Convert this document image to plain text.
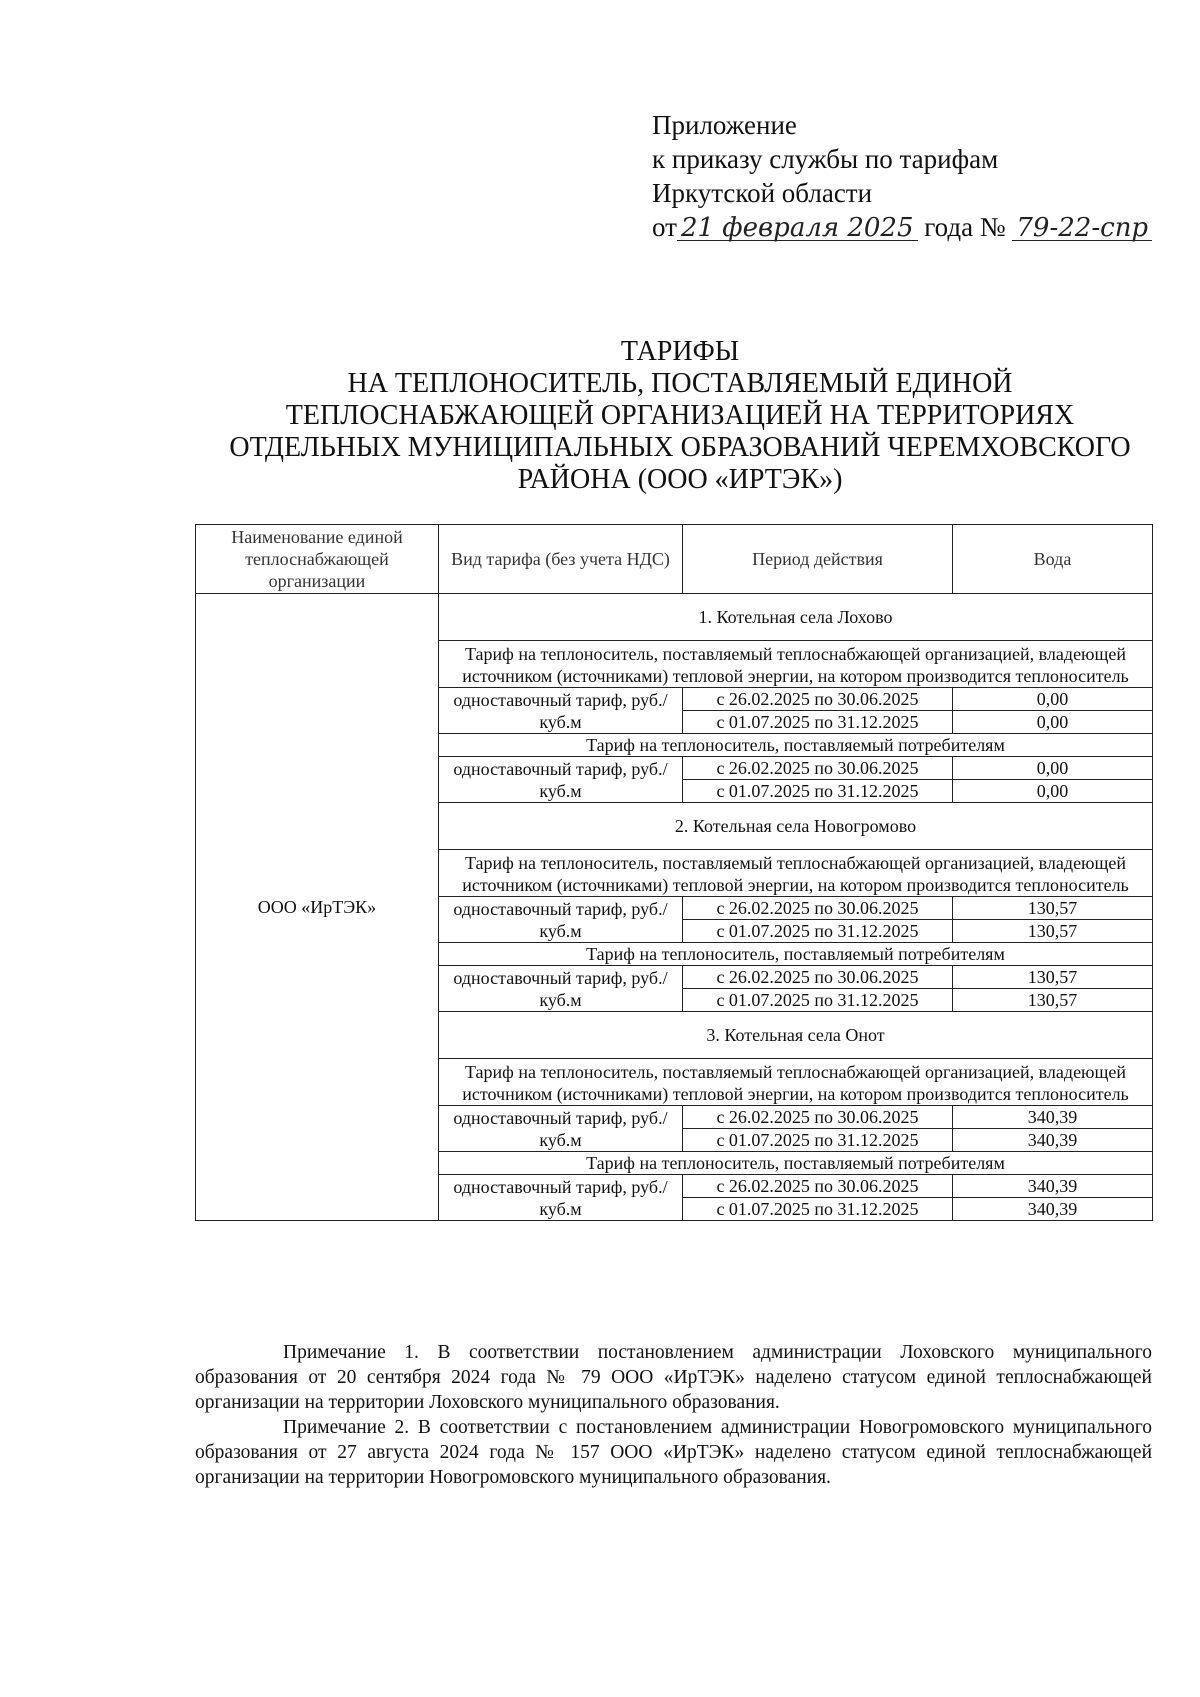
Приложение
к приказу службы по тарифам
Иркутской области
от 21 февраля 2025 года № 79-22-спр
ТАРИФЫ
НА ТЕПЛОНОСИТЕЛЬ, ПОСТАВЛЯЕМЫЙ ЕДИНОЙ
ТЕПЛОСНАБЖАЮЩЕЙ ОРГАНИЗАЦИЕЙ НА ТЕРРИТОРИЯХ
ОТДЕЛЬНЫХ МУНИЦИПАЛЬНЫХ ОБРАЗОВАНИЙ ЧЕРЕМХОВСКОГО
РАЙОНА (ООО «ИРТЭК»)
Наименование единой теплоснабжающей организации	Вид тарифа (без учета НДС)	Период действия	Вода
ООО «ИрТЭК»	1. Котельная села Лохово		
	Тариф на теплоноситель, поставляемый теплоснабжающей организацией, владеющей источником (источниками) тепловой энергии, на котором производится теплоноситель		
	одноставочный тариф, руб./куб.м	с 26.02.2025 по 30.06.2025	0,00
		с 01.07.2025 по 31.12.2025	0,00
	Тариф на теплоноситель, поставляемый потребителям		
	одноставочный тариф, руб./куб.м	с 26.02.2025 по 30.06.2025	0,00
		с 01.07.2025 по 31.12.2025	0,00
	2. Котельная села Новогромово		
	Тариф на теплоноситель, поставляемый теплоснабжающей организацией, владеющей источником (источниками) тепловой энергии, на котором производится теплоноситель		
	одноставочный тариф, руб./куб.м	с 26.02.2025 по 30.06.2025	130,57
		с 01.07.2025 по 31.12.2025	130,57
	Тариф на теплоноситель, поставляемый потребителям		
	одноставочный тариф, руб./куб.м	с 26.02.2025 по 30.06.2025	130,57
		с 01.07.2025 по 31.12.2025	130,57
	3. Котельная села Онот		
	Тариф на теплоноситель, поставляемый теплоснабжающей организацией, владеющей источником (источниками) тепловой энергии, на котором производится теплоноситель		
	одноставочный тариф, руб./куб.м	с 26.02.2025 по 30.06.2025	340,39
		с 01.07.2025 по 31.12.2025	340,39
	Тариф на теплоноситель, поставляемый потребителям		
	одноставочный тариф, руб./куб.м	с 26.02.2025 по 30.06.2025	340,39
		с 01.07.2025 по 31.12.2025	340,39

Примечание 1. В соответствии постановлением администрации Лоховского муниципального образования от 20 сентября 2024 года № 79 ООО «ИрТЭК» наделено статусом единой теплоснабжающей организации на территории Лоховского муниципального образования.

Примечание 2. В соответствии с постановлением администрации Новогромовского муниципального образования от 27 августа 2024 года № 157 ООО «ИрТЭК» наделено статусом единой теплоснабжающей организации на территории Новогромовского муниципального образования.
